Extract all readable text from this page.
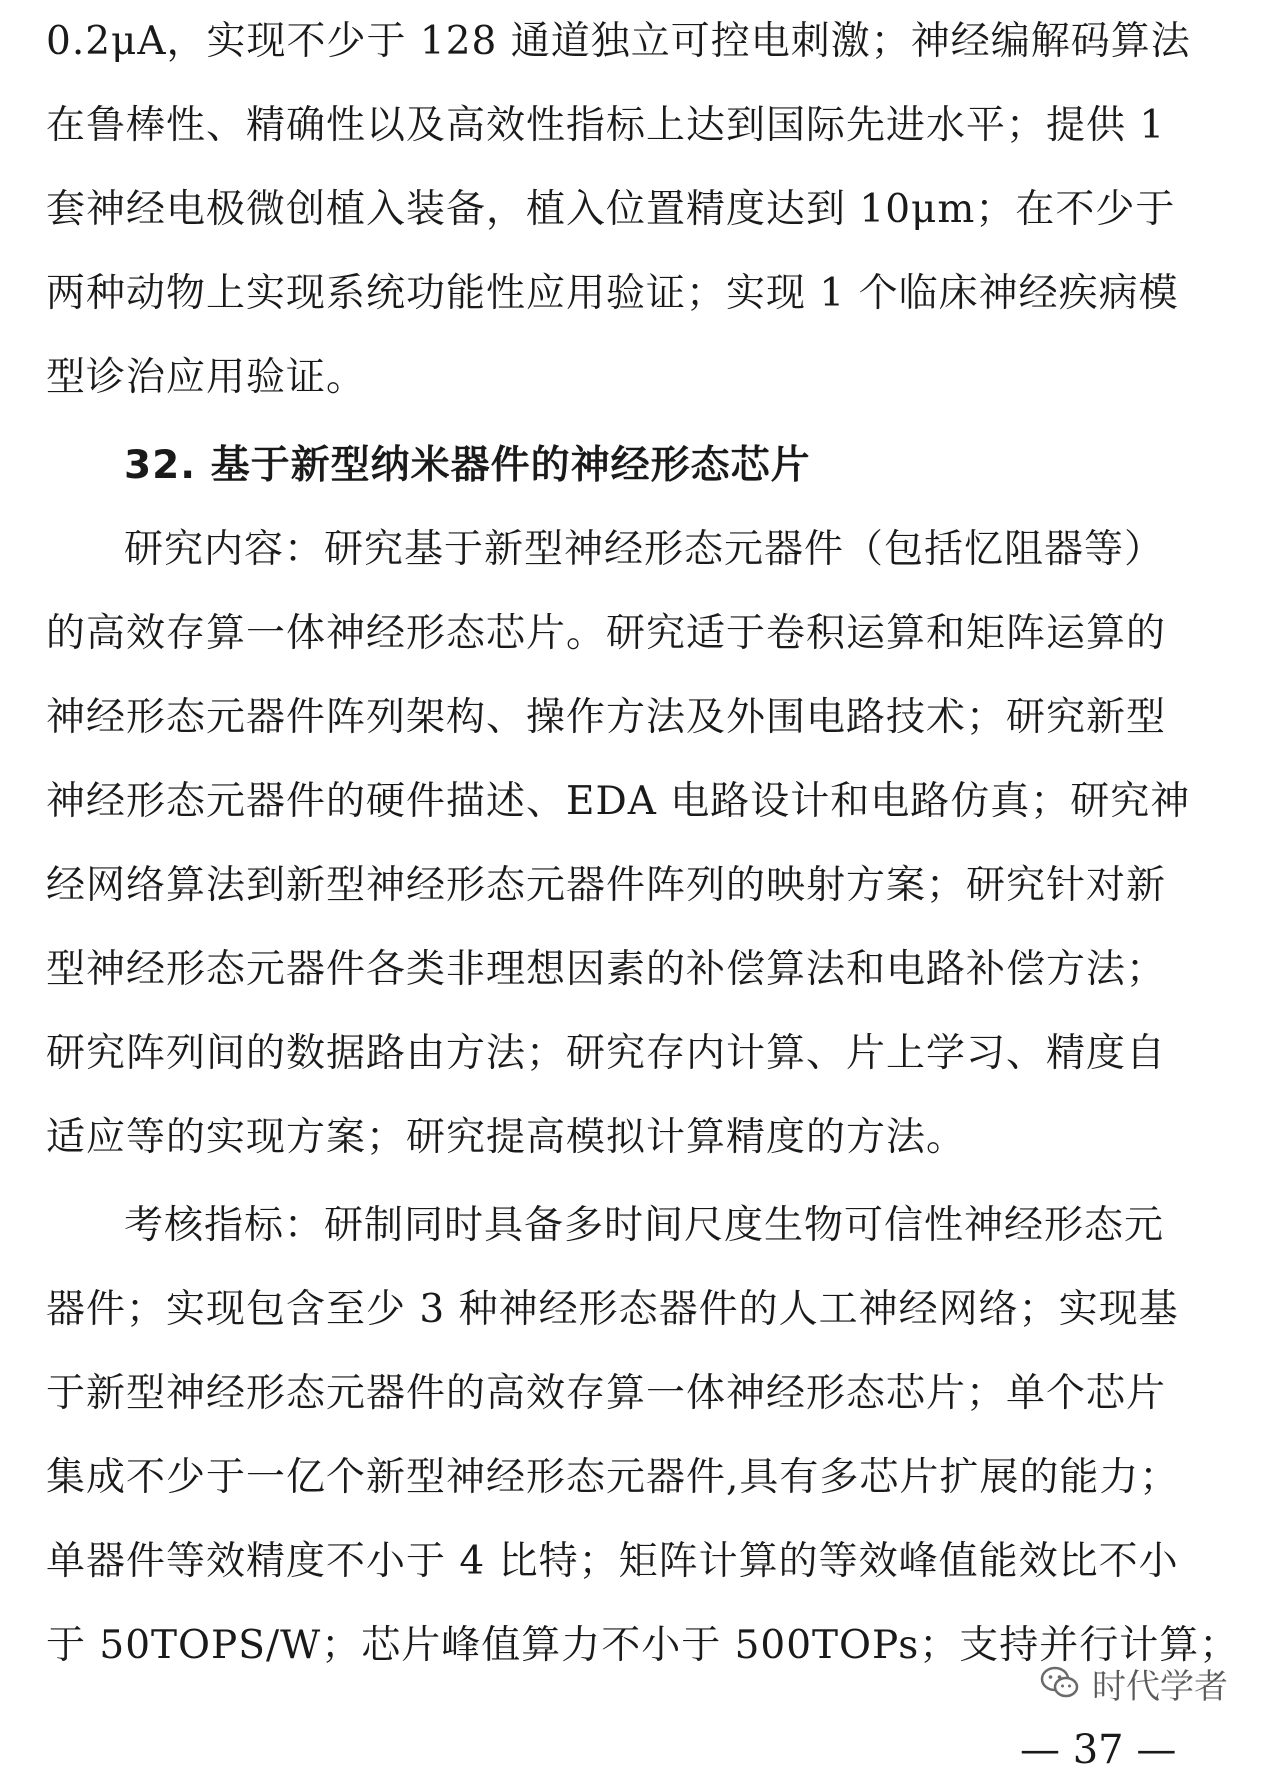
0.2μA，实现不少于 128 通道独立可控电刺激；神经编解码算法
在鲁棒性、精确性以及高效性指标上达到国际先进水平；提供 1
套神经电极微创植入装备，植入位置精度达到 10μm；在不少于
两种动物上实现系统功能性应用验证；实现 1 个临床神经疾病模
型诊治应用验证。
32. 基于新型纳米器件的神经形态芯片
研究内容：研究基于新型神经形态元器件（包括忆阻器等）
的高效存算一体神经形态芯片。研究适于卷积运算和矩阵运算的
神经形态元器件阵列架构、操作方法及外围电路技术；研究新型
神经形态元器件的硬件描述、EDA 电路设计和电路仿真；研究神
经网络算法到新型神经形态元器件阵列的映射方案；研究针对新
型神经形态元器件各类非理想因素的补偿算法和电路补偿方法；
研究阵列间的数据路由方法；研究存内计算、片上学习、精度自
适应等的实现方案；研究提高模拟计算精度的方法。
考核指标：研制同时具备多时间尺度生物可信性神经形态元
器件；实现包含至少 3 种神经形态器件的人工神经网络；实现基
于新型神经形态元器件的高效存算一体神经形态芯片；单个芯片
集成不少于一亿个新型神经形态元器件,具有多芯片扩展的能力；
单器件等效精度不小于 4 比特；矩阵计算的等效峰值能效比不小
于 50TOPS/W；芯片峰值算力不小于 500TOPs；支持并行计算；
时代学者
— 37 —
